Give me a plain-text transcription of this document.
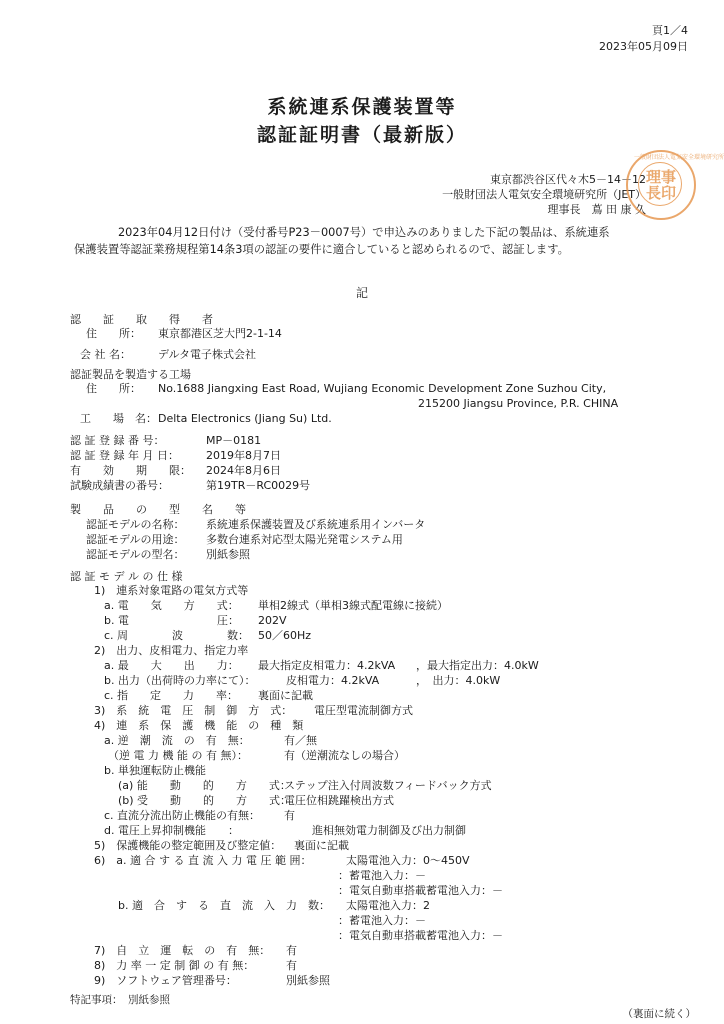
頁1／4
2023年05月09日
系統連系保護装置等
認証証明書（最新版）
東京都渋谷区代々木5－14－12
一般財団法人電気安全環境研究所（JET）
理事長　蔦 田 康 久
一般財団法人電気安全環境研究所
理 事
長 印
2023年04月12日付け（受付番号P23－0007号）で申込みのありました下記の製品は、系統連系
保護装置等認証業務規程第14条3項の認証の要件に適合していると認められるので、認証します。
記
認　　証　　取　　得　　者
住　　所： 東京都港区芝大門2-1-14
会 社 名： デルタ電子株式会社
認証製品を製造する工場
住　　所： No.1688 Jiangxing East Road, Wujiang Economic Development Zone Suzhou City,
215200 Jiangsu Province, P.R. CHINA
工　　場　名： Delta Electronics (Jiang Su) Ltd.
認 証 登 録 番 号：	MP－0181
認 証 登 録 年 月 日： 2019年8月7日
有　　効　　期　　限： 2024年8月6日
試験成績書の番号：	第19TR－RC0029号
製　　品　　の　　型　　名　　等
認証モデルの名称： 系統連系保護装置及び系統連系用インバータ
認証モデルの用途： 多数台連系対応型太陽光発電システム用
認証モデルの型名： 別紙参照
認 証 モ デ ル の 仕 様
1)　連系対象電路の電気方式等
a. 電　　気　　方　　式： 単相2線式（単相3線式配電線に接続）
b. 電　　　　　　　　圧： 202V
c. 周　　　　波　　　　数： 50／60Hz
2)　出力、皮相電力、指定力率
a. 最　　大　　出　　力： 最大指定皮相電力：4.2kVA ，最大指定出力：4.0kW
b. 出力（出荷時の力率にて）：	皮相電力：4.2kVA	，　出力：4.0kW
c. 指　　定　　力　　率： 裏面に記載
3)　系　統　電　圧　制　御　方　式： 電圧型電流制御方式
4)　連　系　保　護　機　能　の　種　類
a. 逆　潮　流　の　有　無：	有／無
（逆 電 力 機 能 の 有 無）：	有（逆潮流なしの場合）
b. 単独運転防止機能
(a) 能　　動　　的　　方　　式：
ステップ注入付周波数フィードバック方式
(b) 受　　動　　的　　方　　式：
電圧位相跳躍検出方式
c. 直流分流出防止機能の有無： 有
d. 電圧上昇抑制機能　　：	進相無効電力制御及び出力制御
5)　保護機能の整定範囲及び整定値： 裏面に記載
6)　a. 適 合 す る 直 流 入 力 電 圧 範 囲：	太陽電池入力：0～450V
：蓄電池入力：－
：電気自動車搭載蓄電池入力：－
b. 適　合　す　る　直　流　入　力　数： 太陽電池入力：2
：蓄電池入力：－
：電気自動車搭載蓄電池入力：－
7)　自　立　運　転　の　有　無： 有
8)　力 率 一 定 制 御 の 有 無：	有
9)　ソフトウェア管理番号：	別紙参照
特記事項： 別紙参照
（裏面に続く）
